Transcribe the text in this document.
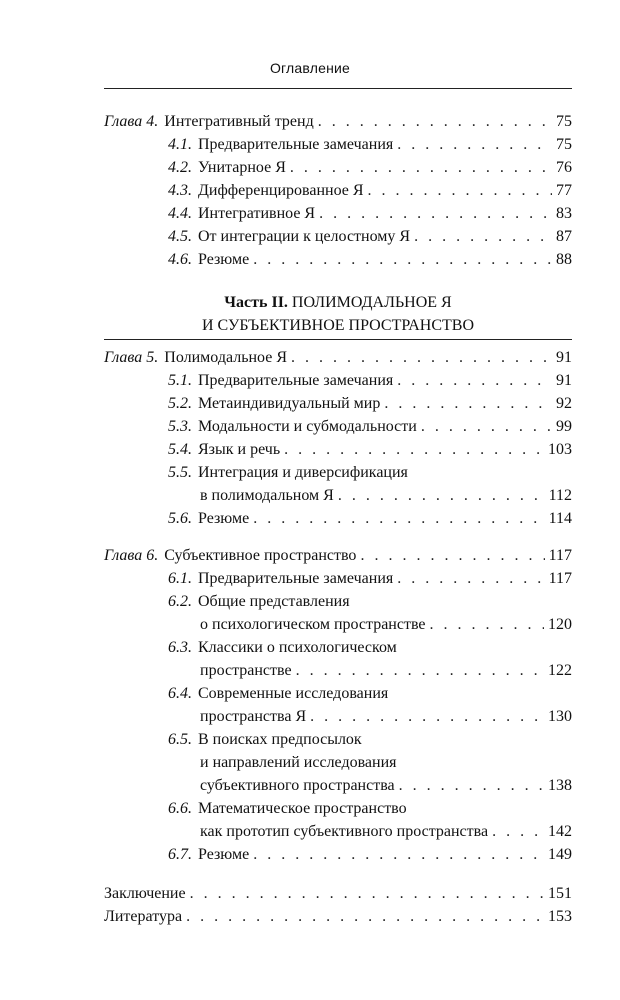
Оглавление
Глава 4. Интегративный тренд . . .	75
4.1. Предварительные замечания . . .	75
4.2. Унитарное Я . . .	76
4.3. Дифференцированное Я . . .	77
4.4. Интегративное Я . . .	83
4.5. От интеграции к целостному Я . . .	87
4.6. Резюме . . .	88
Часть II. ПОЛИМОДАЛЬНОЕ Я
И СУБЪЕКТИВНОЕ ПРОСТРАНСТВО
Глава 5. Полимодальное Я . . .	91
5.1. Предварительные замечания . . .	91
5.2. Метаиндивидуальный мир . . .	92
5.3. Модальности и субмодальности . . .	99
5.4. Язык и речь . . .	103
5.5. Интеграция и диверсификация
в полимодальном Я . . .	112
5.6. Резюме . . .	114
Глава 6. Субъективное пространство . . .	117
6.1. Предварительные замечания . . .	117
6.2. Общие представления
о психологическом пространстве . . .	120
6.3. Классики о психологическом
пространстве . . .	122
6.4. Современные исследования
пространства Я . . .	130
6.5. В поисках предпосылок
и направлений исследования
субъективного пространства . . .	138
6.6. Математическое пространство
как прототип субъективного пространства . . .	142
6.7. Резюме . . .	149
Заключение . . .	151
Литература . . .	153
